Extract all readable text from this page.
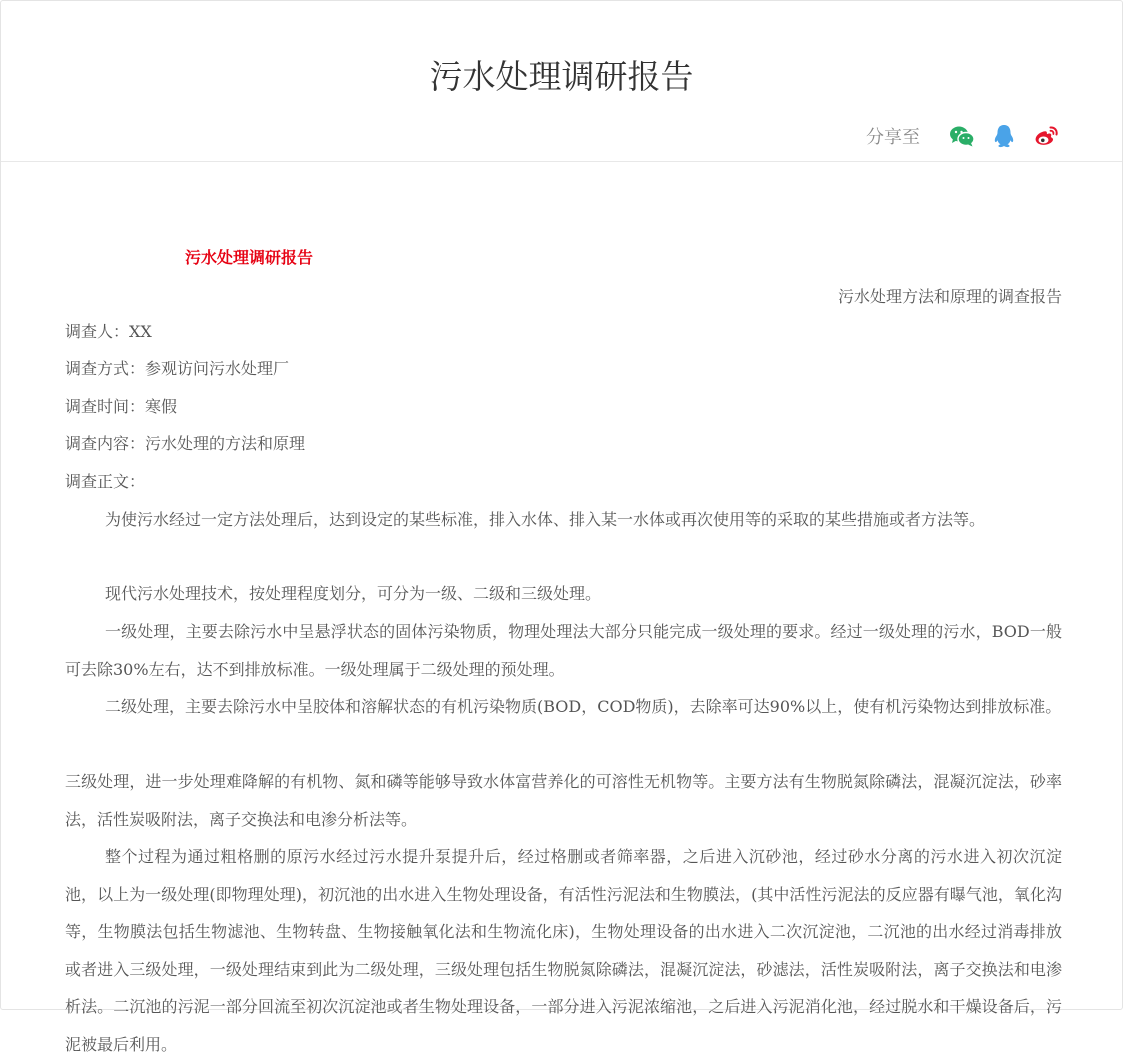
污水处理调研报告
分享至
污水处理调研报告
污水处理方法和原理的调查报告
调查人：XX
调查方式：参观访问污水处理厂
调查时间：寒假
调查内容：污水处理的方法和原理
调查正文：

为使污水经过一定方法处理后，达到设定的某些标准，排入水体、排入某一水体或再次使用等的采取的某些措施或者方法等。

现代污水处理技术，按处理程度划分，可分为一级、二级和三级处理。

一级处理，主要去除污水中呈悬浮状态的固体污染物质，物理处理法大部分只能完成一级处理的要求。经过一级处理的污水，BOD一般可去除30%左右，达不到排放标准。一级处理属于二级处理的预处理。

二级处理，主要去除污水中呈胶体和溶解状态的有机污染物质(BOD，COD物质)，去除率可达90%以上，使有机污染物达到排放标准。

三级处理，进一步处理难降解的有机物、氮和磷等能够导致水体富营养化的可溶性无机物等。主要方法有生物脱氮除磷法，混凝沉淀法，砂率法，活性炭吸附法，离子交换法和电渗分析法等。

整个过程为通过粗格删的原污水经过污水提升泵提升后，经过格删或者筛率器，之后进入沉砂池，经过砂水分离的污水进入初次沉淀池，以上为一级处理(即物理处理)，初沉池的出水进入生物处理设备，有活性污泥法和生物膜法，(其中活性污泥法的反应器有曝气池，氧化沟等，生物膜法包括生物滤池、生物转盘、生物接触氧化法和生物流化床)，生物处理设备的出水进入二次沉淀池，二沉池的出水经过消毒排放或者进入三级处理，一级处理结束到此为二级处理，三级处理包括生物脱氮除磷法，混凝沉淀法，砂滤法，活性炭吸附法，离子交换法和电渗析法。二沉池的污泥一部分回流至初次沉淀池或者生物处理设备，一部分进入污泥浓缩池，之后进入污泥消化池，经过脱水和干燥设备后，污泥被最后利用。
